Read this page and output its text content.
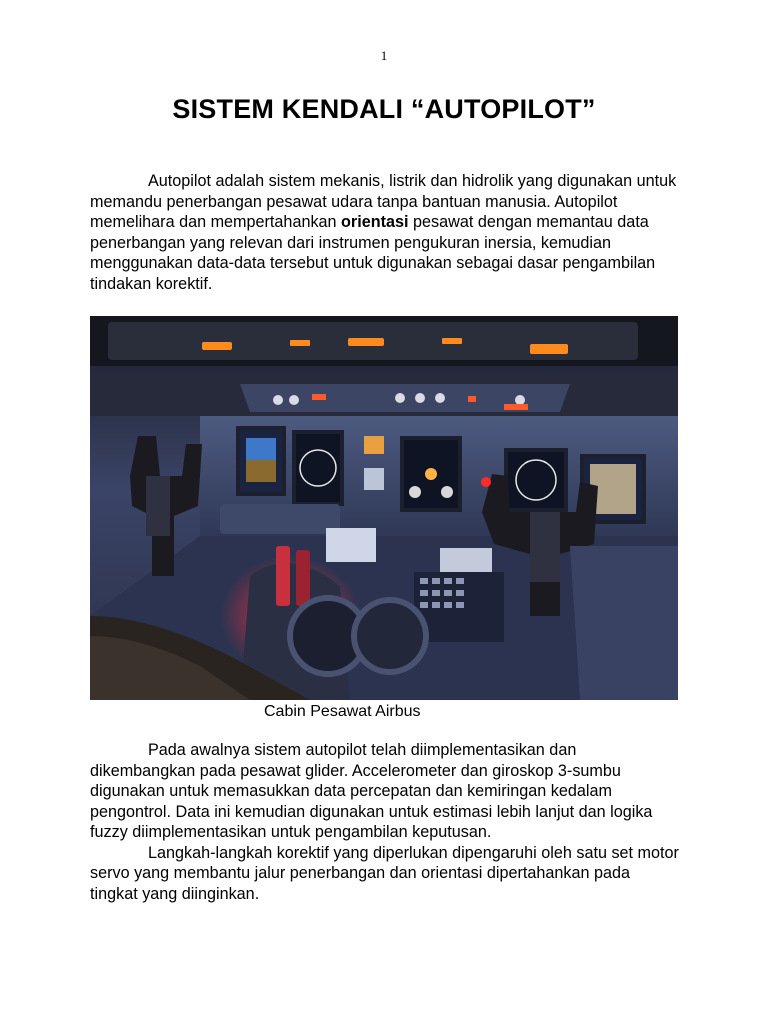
1
SISTEM KENDALI “AUTOPILOT”
Autopilot adalah sistem mekanis, listrik dan hidrolik yang digunakan untuk memandu penerbangan pesawat udara tanpa bantuan manusia. Autopilot memelihara dan mempertahankan orientasi pesawat dengan memantau data penerbangan yang relevan dari instrumen pengukuran inersia, kemudian menggunakan data-data tersebut untuk digunakan sebagai dasar pengambilan tindakan korektif.
Cabin Pesawat Airbus

Pada awalnya sistem autopilot telah diimplementasikan dan dikembangkan pada pesawat glider. Accelerometer dan giroskop 3-sumbu digunakan untuk memasukkan data percepatan dan kemiringan kedalam pengontrol. Data ini kemudian digunakan untuk estimasi lebih lanjut dan logika fuzzy diimplementasikan untuk pengambilan keputusan.

Langkah-langkah korektif yang diperlukan dipengaruhi oleh satu set motor servo yang membantu jalur penerbangan dan orientasi dipertahankan pada tingkat yang diinginkan.
